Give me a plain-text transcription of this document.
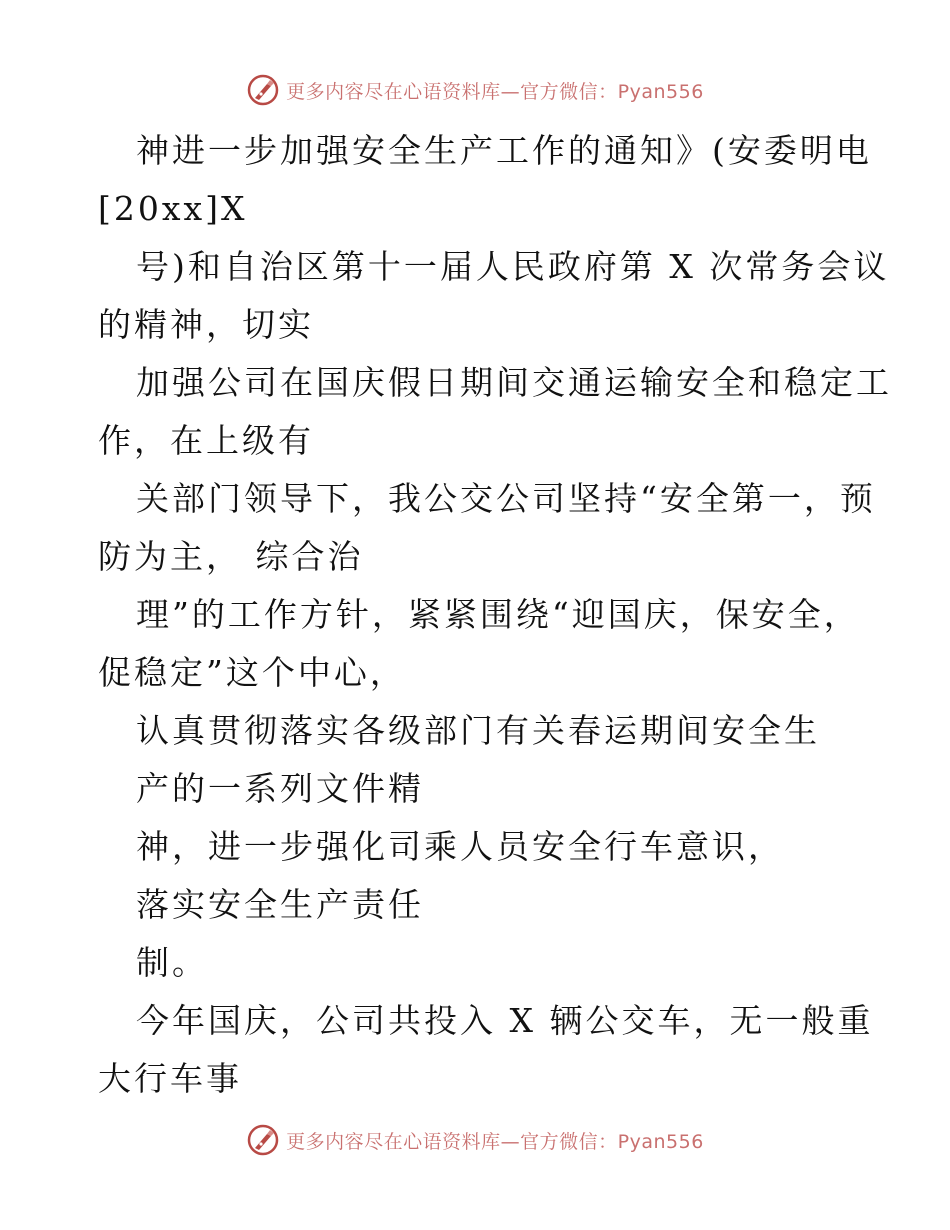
更多内容尽在心语资料库—官方微信：Pyan556
神进一步加强安全生产工作的通知》(安委明电
[20xx]X
号)和自治区第十一届人民政府第 X 次常务会议
的精神，切实
加强公司在国庆假日期间交通运输安全和稳定工
作，在上级有
关部门领导下，我公交公司坚持“安全第一，预
防为主， 综合治
理”的工作方针，紧紧围绕“迎国庆，保安全，
促稳定”这个中心，
认真贯彻落实各级部门有关春运期间安全生
产的一系列文件精
神，进一步强化司乘人员安全行车意识，
落实安全生产责任
制。
今年国庆，公司共投入 X 辆公交车，无一般重
大行车事
更多内容尽在心语资料库—官方微信：Pyan556
